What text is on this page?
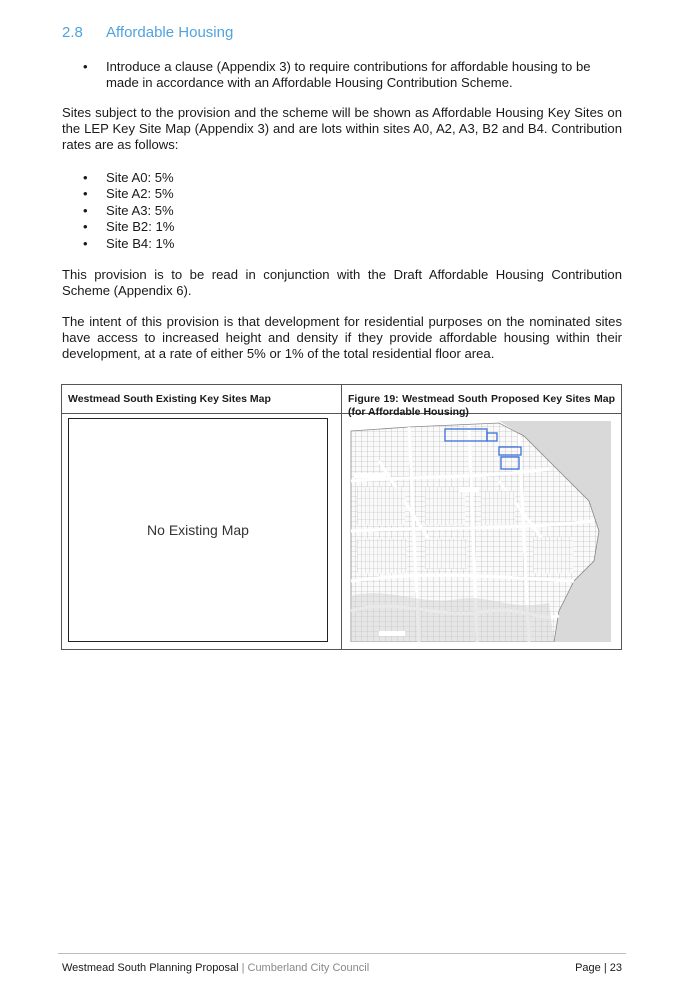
2.8 Affordable Housing
• Introduce a clause (Appendix 3) to require contributions for affordable housing to be made in accordance with an Affordable Housing Contribution Scheme.
Sites subject to the provision and the scheme will be shown as Affordable Housing Key Sites on the LEP Key Site Map (Appendix 3) and are lots within sites A0, A2, A3, B2 and B4. Contribution rates are as follows:
• Site A0: 5%
• Site A2: 5%
• Site A3: 5%
• Site B2: 1%
• Site B4: 1%
This provision is to be read in conjunction with the Draft Affordable Housing Contribution Scheme (Appendix 6).
The intent of this provision is that development for residential purposes on the nominated sites have access to increased height and density if they provide affordable housing within their development, at a rate of either 5% or 1% of the total residential floor area.
Westmead South Existing Key Sites Map	Figure 19: Westmead South Proposed Key Sites Map (for Affordable Housing)

No Existing Map

Westmead South Planning Proposal | Cumberland City Council	Page | 23
